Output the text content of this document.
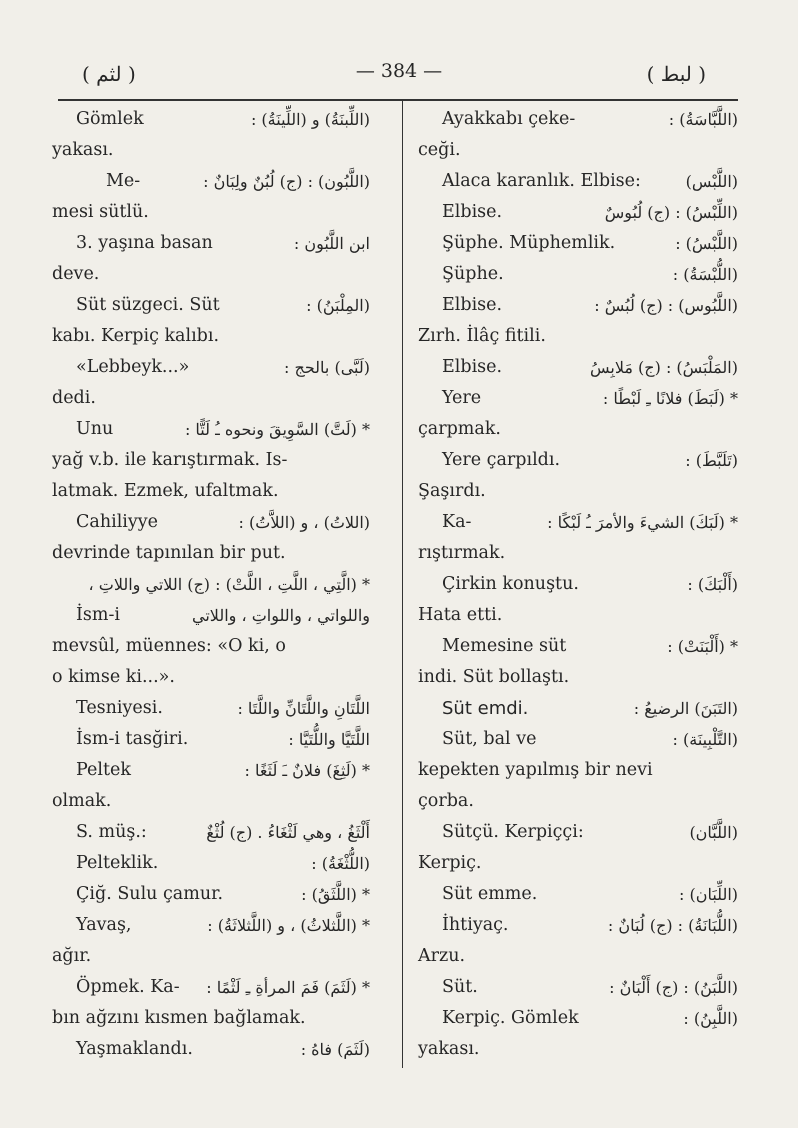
( لثم )	— 384 —	( لبط )
Gömlek	(اللِّبنَةُ) و (اللِّينَةُ) :
yakası.
Me-	(اللَّبُون) : (ج) لُبُنٌ ولِبَانٌ :
mesi sütlü.
3. yaşına basan	ابن اللَّبُون :
deve.
Süt süzgeci. Süt	(المِلْبَنُ) :
kabı. Kerpiç kalıbı.
«Lebbeyk...»	(لَبَّى) بالحج :
dedi.
Unu	* (لَتَّ) السَّوِيقَ ونحوه ـُ لَتًّا :
yağ v.b. ile karıştırmak. Is-
latmak. Ezmek, ufaltmak.
Cahiliyye	(اللاتُ) ، و (اللاَّتُ) :
devrinde tapınılan bir put.
* (الَّتِي ، اللَّتِ ، اللَّتْ) : (ج) اللاتي واللاتِ ،
İsm-i	واللواتي ، واللواتِ ، واللاتي
mevsûl, müennes: «O ki, o
o kimse ki...».
Tesniyesi.	اللَّتَانِ واللَّتَانِّ واللَّتَا :
İsm-i tasğiri.	اللَّتَيَّا واللُّتَيَّا :
Peltek	* (لَثِغَ) فلانٌ ـَ لَثَغًا :
olmak.
S. müş.:	أَلْثَغُ ، وهي لَثْغَاءُ . (ج) لُثْغٌ
Pelteklik.	(اللُّثْغَةُ) :
Çiğ. Sulu çamur.	* (اللَّثَقُ) :
Yavaş,	* (اللَّثلاثُ) ، و (اللَّثلاثَةُ) :
ağır.
Öpmek. Ka- * (لَثَمَ) فَمَ المرأةِ ـِ لَثْمًا :
bın ağzını kısmen bağlamak.
Yaşmaklandı.	(لَثَمَ) فاهُ :
Ayakkabı çeke-	(اللَّبَّاسَةُ) :
ceği.
Alaca karanlık. Elbise:	(اللَّبْس)
Elbise.	(اللِّبْسُ) : (ج) لُبُوسٌ
Şüphe. Müphemlik.	(اللَّبْسُ) :
Şüphe.	(اللُّبْسَةُ) :
Elbise.	(اللَّبُوس) : (ج) لُبُسٌ :
Zırh. İlâç fitili.
Elbise.	(المَلْبَسُ) : (ج) مَلابِسُ
Yere	* (لَبَطَ) فلانًا ـِ لَبْطًا :
çarpmak.
Yere çarpıldı.	(تَلَبَّطَ) :
Şaşırdı.
Ka-	* (لَبَكَ) الشيءَ والأمرَ ـُ لَبْكًا :
rıştırmak.
Çirkin konuştu.	(أَلْبَكَ) :
Hata etti.
Memesine süt	* (أَلْبَنَتْ) :
indi. Süt bollaştı.
Süt emdi.	(التَبَنَ) الرضيعُ :
Süt, bal ve	(التَّلْبِينَة) :
kepekten yapılmış bir nevi
çorba.
Sütçü. Kerpiççi:	(اللَّبَّان)
Kerpiç.
Süt emme.	(اللِّبَان) :
İhtiyaç.	(اللُّبَانَةُ) : (ج) لُبَانٌ :
Arzu.
Süt.	(اللَّبَنُ) : (ج) أَلْبَانٌ :
Kerpiç. Gömlek	(اللَّبِنُ) :
yakası.
